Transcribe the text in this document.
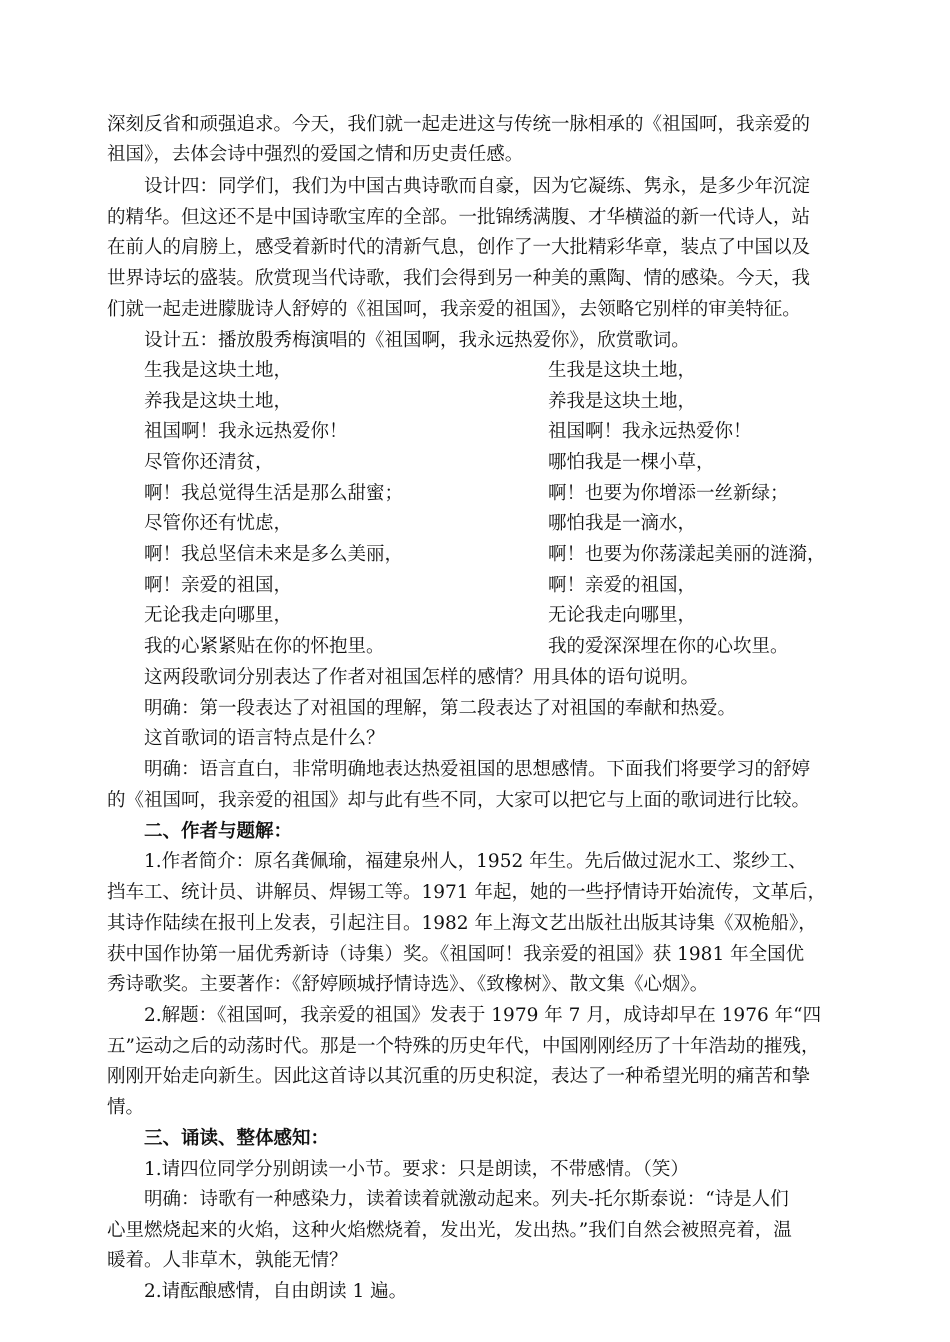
深刻反省和顽强追求。今天，我们就一起走进这与传统一脉相承的《祖国呵，我亲爱的
祖国》，去体会诗中强烈的爱国之情和历史责任感。
设计四：同学们，我们为中国古典诗歌而自豪，因为它凝练、隽永，是多少年沉淀
的精华。但这还不是中国诗歌宝库的全部。一批锦绣满腹、才华横溢的新一代诗人，站
在前人的肩膀上，感受着新时代的清新气息，创作了一大批精彩华章，装点了中国以及
世界诗坛的盛装。欣赏现当代诗歌，我们会得到另一种美的熏陶、情的感染。今天，我
们就一起走进朦胧诗人舒婷的《祖国呵，我亲爱的祖国》，去领略它别样的审美特征。
设计五：播放殷秀梅演唱的《祖国啊，我永远热爱你》，欣赏歌词。
生我是这块土地，
养我是这块土地，
祖国啊！我永远热爱你！
尽管你还清贫，
啊！我总觉得生活是那么甜蜜；
尽管你还有忧虑，
啊！我总坚信未来是多么美丽，
啊！亲爱的祖国，
无论我走向哪里，
我的心紧紧贴在你的怀抱里。
生我是这块土地，
养我是这块土地，
祖国啊！我永远热爱你！
哪怕我是一棵小草，
啊！也要为你增添一丝新绿；
哪怕我是一滴水，
啊！也要为你荡漾起美丽的涟漪，
啊！亲爱的祖国，
无论我走向哪里，
我的爱深深埋在你的心坎里。
这两段歌词分别表达了作者对祖国怎样的感情？用具体的语句说明。
明确：第一段表达了对祖国的理解，第二段表达了对祖国的奉献和热爱。
这首歌词的语言特点是什么？
明确：语言直白，非常明确地表达热爱祖国的思想感情。下面我们将要学习的舒婷
的《祖国呵，我亲爱的祖国》却与此有些不同，大家可以把它与上面的歌词进行比较。
二、作者与题解：
1.作者简介：原名龚佩瑜，福建泉州人，1952 年生。先后做过泥水工、浆纱工、
挡车工、统计员、讲解员、焊锡工等。1971 年起，她的一些抒情诗开始流传，文革后，
其诗作陆续在报刊上发表，引起注目。1982 年上海文艺出版社出版其诗集《双桅船》，
获中国作协第一届优秀新诗（诗集）奖。《祖国呵！我亲爱的祖国》获 1981 年全国优
秀诗歌奖。主要著作：《舒婷顾城抒情诗选》、《致橡树》、散文集《心烟》。
2.解题：《祖国呵，我亲爱的祖国》发表于 1979 年 7 月，成诗却早在 1976 年“四
五”运动之后的动荡时代。那是一个特殊的历史年代，中国刚刚经历了十年浩劫的摧残，
刚刚开始走向新生。因此这首诗以其沉重的历史积淀，表达了一种希望光明的痛苦和挚
情。
三、诵读、整体感知：
1.请四位同学分别朗读一小节。要求：只是朗读，不带感情。（笑）
明确：诗歌有一种感染力，读着读着就激动起来。列夫-托尔斯泰说：“诗是人们
心里燃烧起来的火焰，这种火焰燃烧着，发出光，发出热。”我们自然会被照亮着，温
暖着。人非草木，孰能无情？
2.请酝酿感情，自由朗读 1 遍。
